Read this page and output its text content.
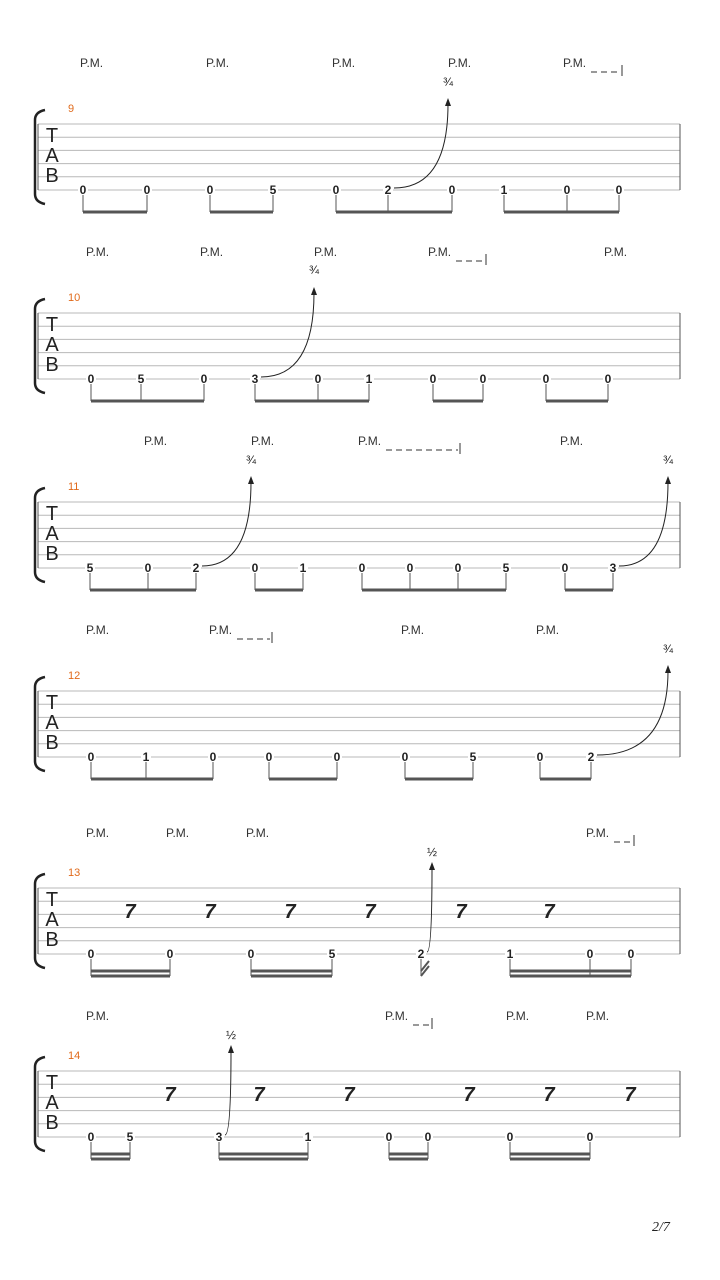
P.M.	P.M.	P.M.	P.M.	P.M.
9
T
A
B
0	0	0	5	0	2	0	1	0	0
¾
P.M.	P.M.	P.M.	P.M.	P.M.
10
T
A
B
0	5	0	3	0	1	0	0	0	0
¾
P.M.	P.M.	P.M.	P.M.
11
T
A
B
5	0	2	0	1	0	0	0	5	0	3
¾	¾
P.M.	P.M.	P.M.	P.M.
12
T
A
B
0	1	0	0	0	0	5	0	2
¾
P.M.	P.M.	P.M.	P.M.
13
T
A
B
7	7	7	7	7	7
0	0	0	5	2	1	0	0
½
P.M.	P.M.	P.M.	P.M.
14
T
A
B
7	7	7	7	7	7
0	5	3	1	0	0	0	0
½
2/7
